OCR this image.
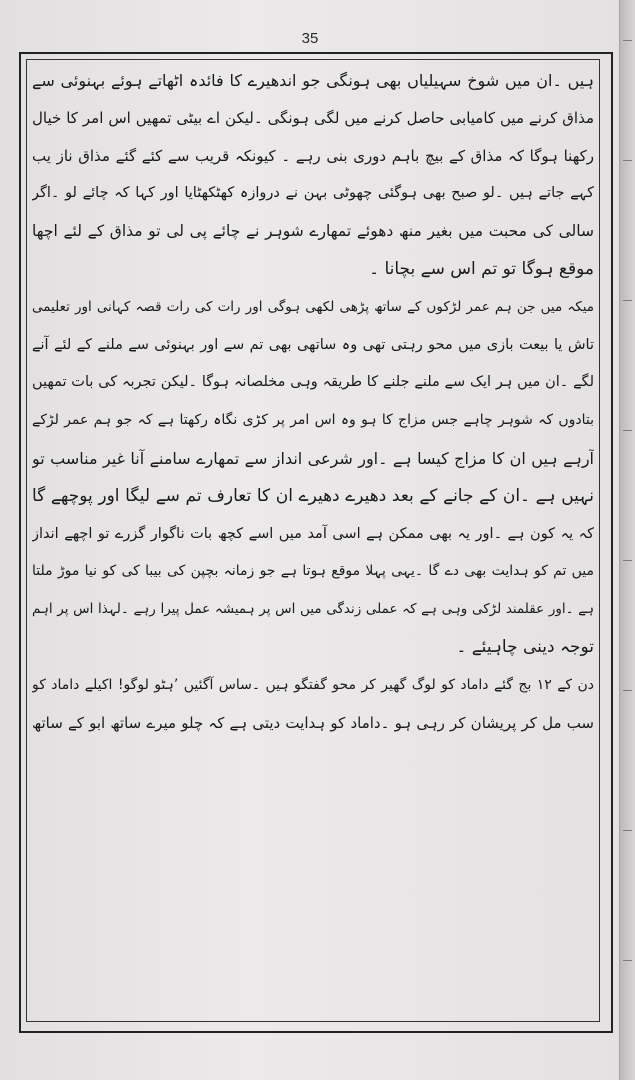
35
ہیں ۔ان میں شوخ سہیلیاں بھی ہونگی جو اندھیرے کا فائدہ اٹھاتے ہوئے بہنوئی سے
مذاق کرنے میں کامیابی حاصل کرنے میں لگی ہونگی ۔لیکن اے بیٹی تمھیں اس امر کا خیال
رکھنا ہوگا کہ مذاق کے بیچ باہم دوری بنی رہے ۔ کیونکہ قریب سے کئے گئے مذاق ناز یب
کہے جاتے ہیں ۔لو صبح بھی ہوگئی چھوٹی بہن نے دروازہ کھٹکھٹایا اور کہا کہ چائے لو ۔اگر
سالی کی محبت میں بغیر منھ دھوئے تمھارے شوہر نے چائے پی لی تو مذاق کے لئے اچھا
موقع ہوگا تو تم اس سے بچانا ۔
میکہ میں جن ہم عمر لڑکوں کے ساتھ پڑھی لکھی ہوگی اور رات کی رات قصہ کہانی اور تعلیمی
تاش یا بیعت بازی میں محو رہتی تھی وہ ساتھی بھی تم سے اور بہنوئی سے ملنے کے لئے آنے
لگے ۔ان میں ہر ایک سے ملنے جلنے کا طریقہ وہی مخلصانہ ہوگا ۔لیکن تجربہ کی بات تمھیں
بتادوں کہ شوہر چاہے جس مزاج کا ہو وہ اس امر پر کڑی نگاہ رکھتا ہے کہ جو ہم عمر لڑکے
آرہے ہیں ان کا مزاج کیسا ہے ۔اور شرعی انداز سے تمھارے سامنے آنا غیر مناسب تو
نہیں ہے ۔ان کے جانے کے بعد دھیرے دھیرے ان کا تعارف تم سے لیگا اور پوچھے گا
کہ یہ کون ہے ۔اور یہ بھی ممکن ہے اسی آمد میں اسے کچھ بات ناگوار گزرے تو اچھے انداز
میں تم کو ہدایت بھی دے گا ۔یہی پہلا موقع ہوتا ہے جو زمانہ بچپن کی بیبا کی کو نیا موڑ ملتا
ہے ۔اور عقلمند لڑکی وہی ہے کہ عملی زندگی میں اس پر ہمیشہ عمل پیرا رہے ۔لہذا اس پر اہم
توجہ دینی چاہیئے ۔
دن کے ۱۲ بج گئے داماد کو لوگ گھیر کر محو گفتگو ہیں ۔ساس آگئیں ’ہٹو لوگو! اکیلے داماد کو
سب مل کر پریشان کر رہی ہو ۔داماد کو ہدایت دیتی ہے کہ چلو میرے ساتھ ابو کے ساتھ
